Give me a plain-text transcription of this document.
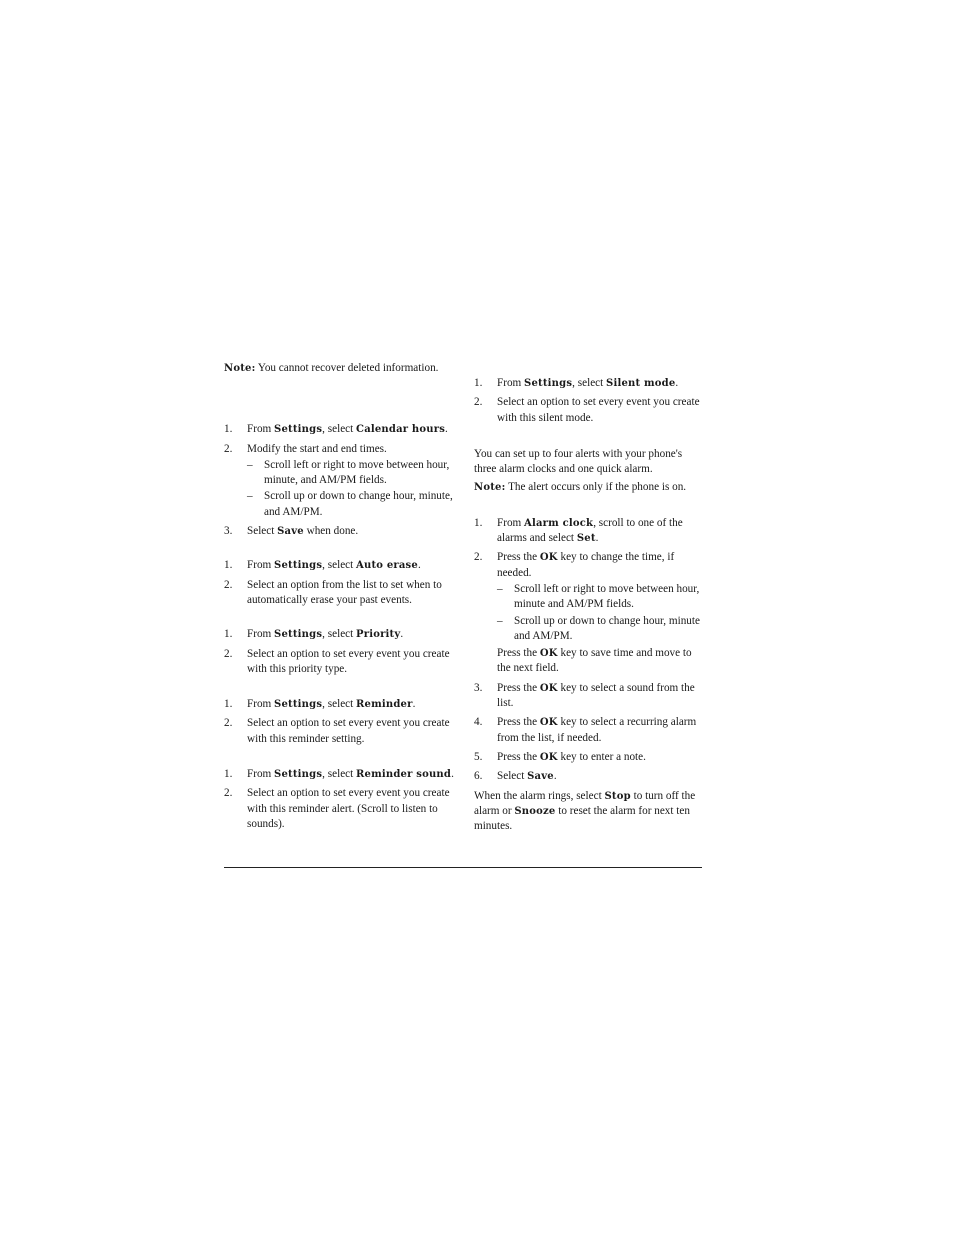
Note: You cannot recover deleted information.

1. From Settings, select Calendar hours.
2. Modify the start and end times.
– Scroll left or right to move between hour, minute, and AM/PM fields.
– Scroll up or down to change hour, minute, and AM/PM.
3. Select Save when done.
1. From Settings, select Auto erase.
2. Select an option from the list to set when to automatically erase your past events.
1. From Settings, select Priority.
2. Select an option to set every event you create with this priority type.
1. From Settings, select Reminder.
2. Select an option to set every event you create with this reminder setting.
1. From Settings, select Reminder sound.
2. Select an option to set every event you create with this reminder alert. (Scroll to listen to sounds).
1. From Settings, select Silent mode.
2. Select an option to set every event you create with this silent mode.

You can set up to four alerts with your phone's three alarm clocks and one quick alarm.

Note: The alert occurs only if the phone is on.

1. From Alarm clock, scroll to one of the alarms and select Set.
2. Press the OK key to change the time, if needed.
– Scroll left or right to move between hour, minute and AM/PM fields.
– Scroll up or down to change hour, minute and AM/PM.
Press the OK key to save time and move to the next field.
3. Press the OK key to select a sound from the list.
4. Press the OK key to select a recurring alarm from the list, if needed.
5. Press the OK key to enter a note.
6. Select Save.

When the alarm rings, select Stop to turn off the alarm or Snooze to reset the alarm for next ten minutes.
